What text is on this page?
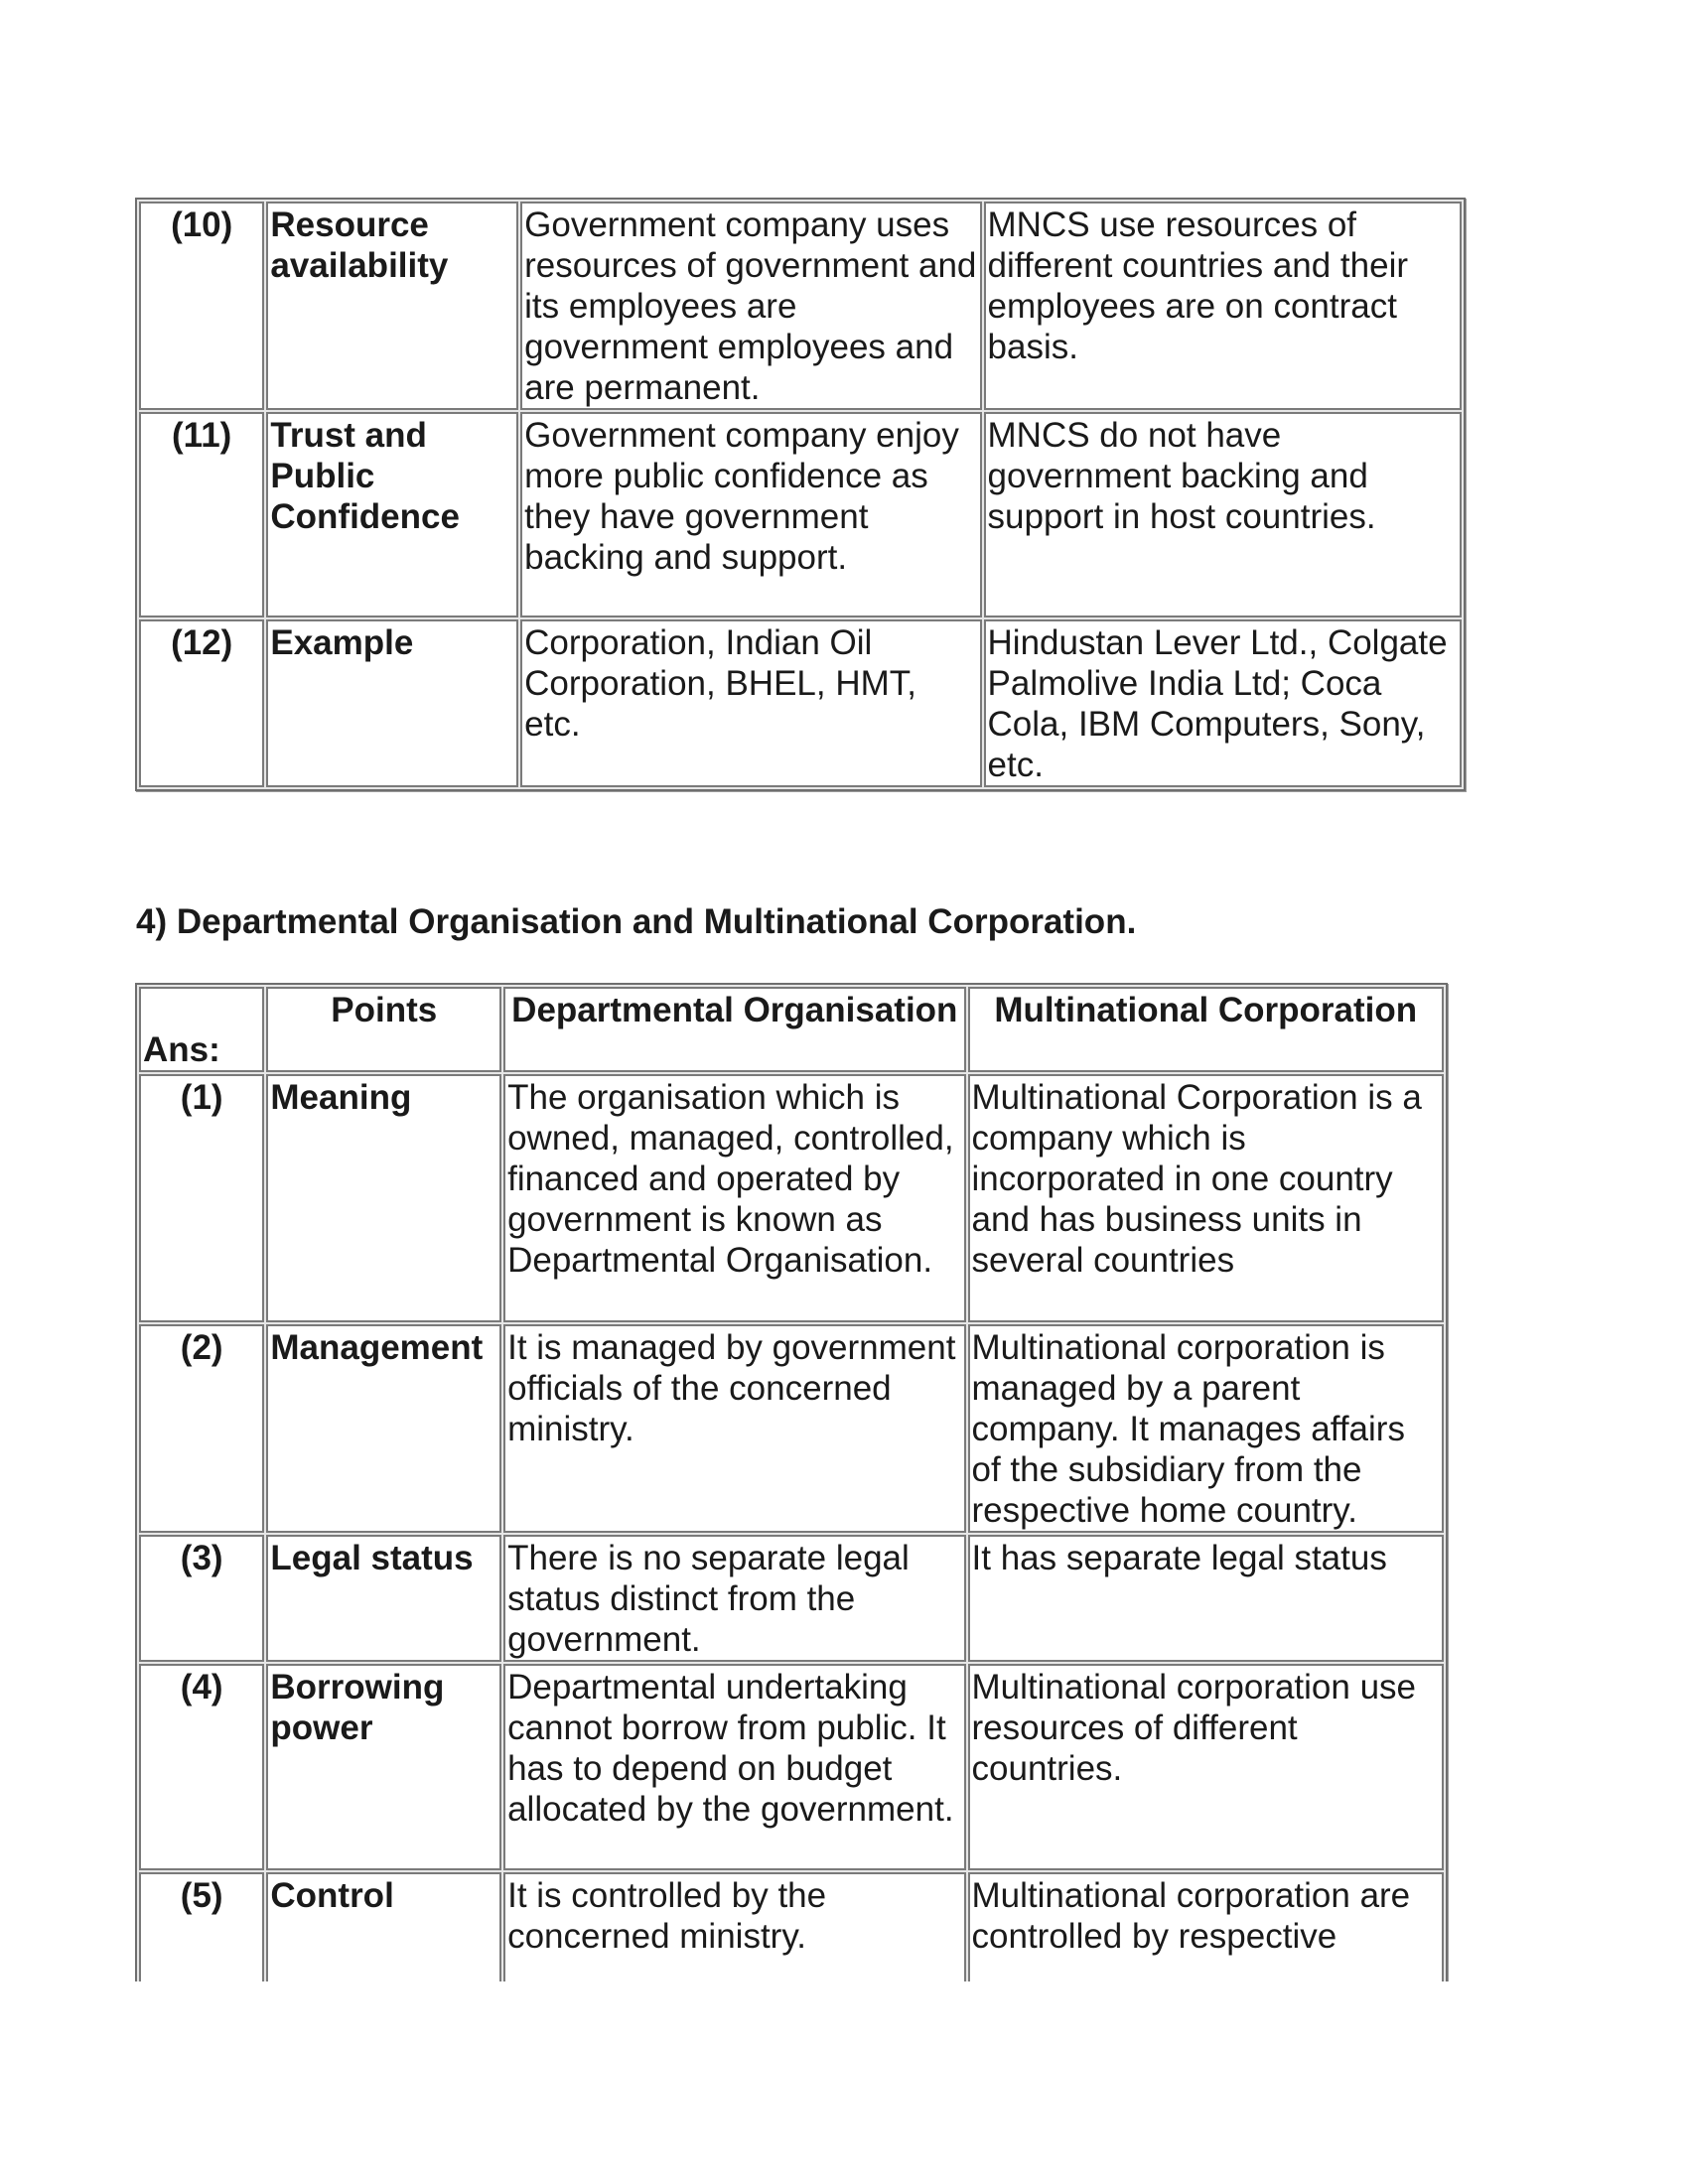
(10)	Resource availability	Government company uses resources of government and its employees are government employees and are permanent.	MNCS use resources of different countries and their employees are on contract basis.
(11)	Trust and Public Confidence	Government company enjoy more public confidence as they have government backing and support.	MNCS do not have government backing and support in host countries.
(12)	Example	Corporation, Indian Oil Corporation, BHEL, HMT, etc.	Hindustan Lever Ltd., Colgate Palmolive India Ltd; Coca Cola, IBM Computers, Sony, etc.
4) Departmental Organisation and Multinational Corporation.
Ans:	Points	Departmental Organisation	Multinational Corporation
(1)	Meaning	The organisation which is owned, managed, controlled, financed and operated by government is known as Departmental Organisation.	Multinational Corporation is a company which is incorporated in one country and has business units in several countries
(2)	Management	It is managed by government officials of the concerned ministry.	Multinational corporation is managed by a parent company. It manages affairs of the subsidiary from the respective home country.
(3)	Legal status	There is no separate legal status distinct from the government.	It has separate legal status
(4)	Borrowing power	Departmental undertaking cannot borrow from public. It has to depend on budget allocated by the government.	Multinational corporation use resources of different countries.
(5)	Control	It is controlled by the concerned ministry.	Multinational corporation are controlled by respective
